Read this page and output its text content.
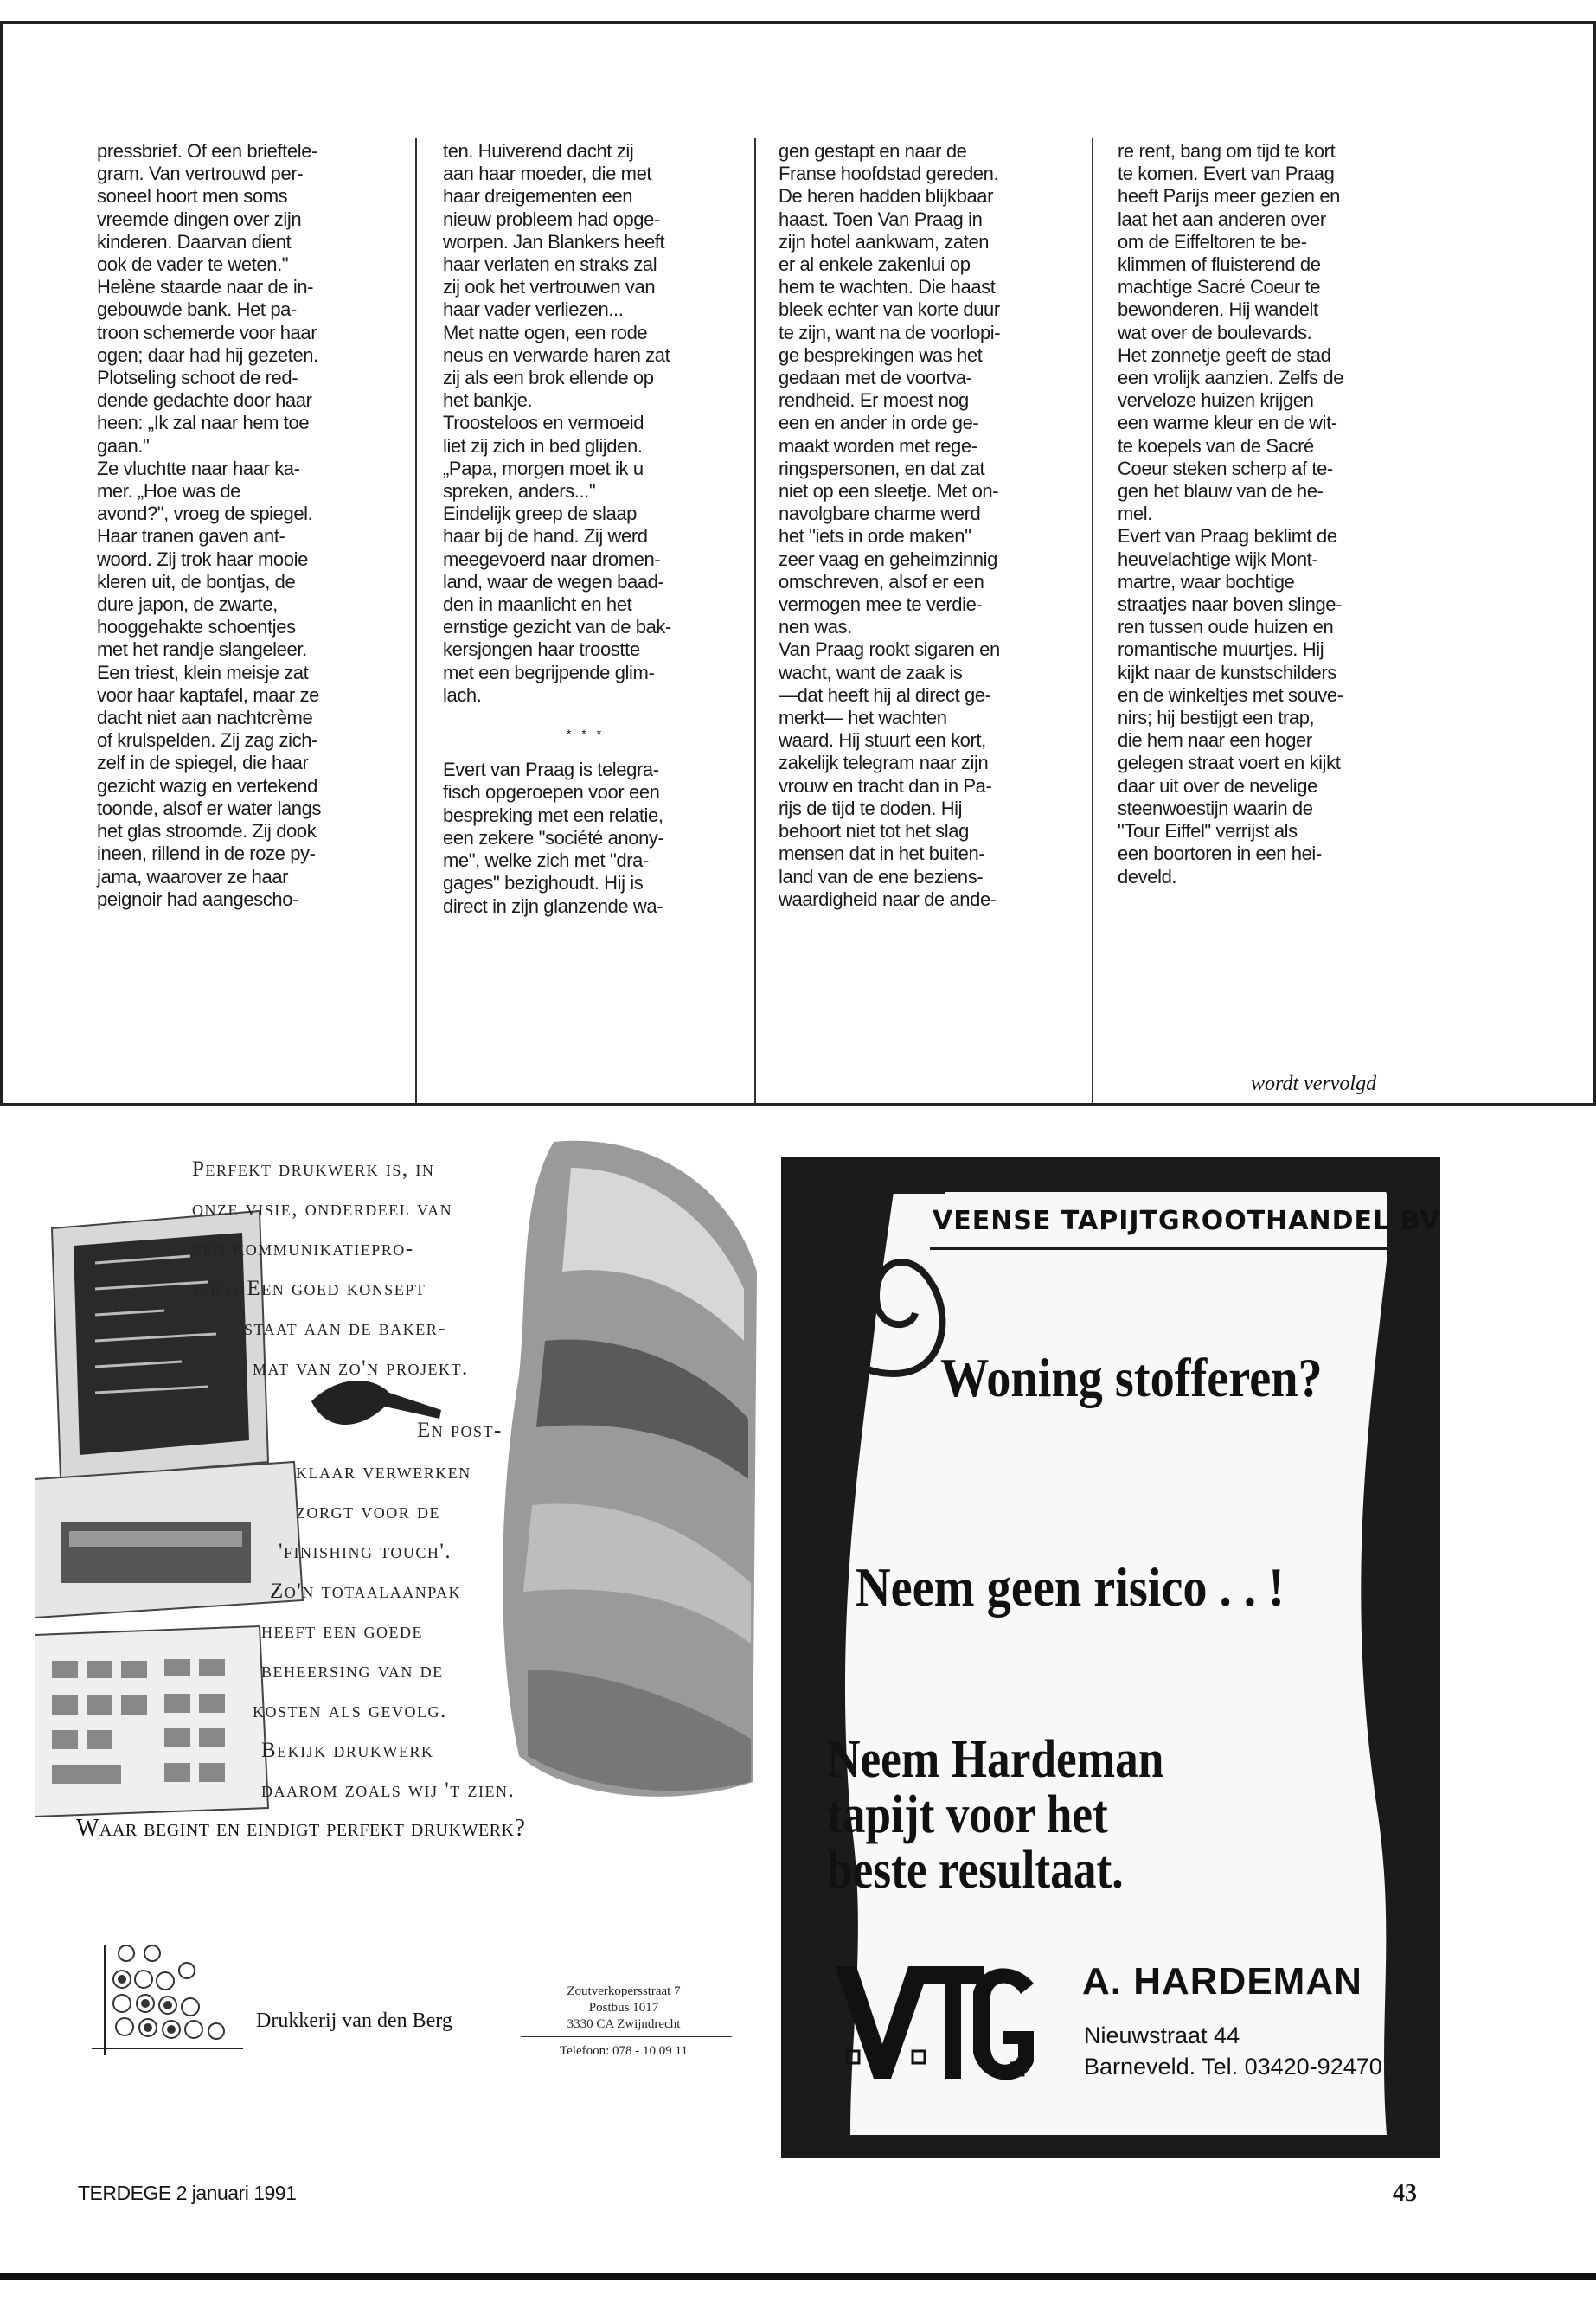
pressbrief. Of een brieftele-

gram. Van vertrouwd per-

soneel hoort men soms

vreemde dingen over zijn

kinderen. Daarvan dient

ook de vader te weten."

Helène staarde naar de in-

gebouwde bank. Het pa-

troon schemerde voor haar

ogen; daar had hij gezeten.

Plotseling schoot de red-

dende gedachte door haar

heen: „Ik zal naar hem toe

gaan."

Ze vluchtte naar haar ka-

mer. „Hoe was de

avond?", vroeg de spiegel.

Haar tranen gaven ant-

woord. Zij trok haar mooie

kleren uit, de bontjas, de

dure japon, de zwarte,

hooggehakte schoentjes

met het randje slangeleer.

Een triest, klein meisje zat

voor haar kaptafel, maar ze

dacht niet aan nachtcrème

of krulspelden. Zij zag zich-

zelf in de spiegel, die haar

gezicht wazig en vertekend

toonde, alsof er water langs

het glas stroomde. Zij dook

ineen, rillend in de roze py-

jama, waarover ze haar

peignoir had aangescho-

ten. Huiverend dacht zij

aan haar moeder, die met

haar dreigementen een

nieuw probleem had opge-

worpen. Jan Blankers heeft

haar verlaten en straks zal

zij ook het vertrouwen van

haar vader verliezen...

Met natte ogen, een rode

neus en verwarde haren zat

zij als een brok ellende op

het bankje.

Troosteloos en vermoeid

liet zij zich in bed glijden.

„Papa, morgen moet ik u

spreken, anders..."

Eindelijk greep de slaap

haar bij de hand. Zij werd

meegevoerd naar dromen-

land, waar de wegen baad-

den in maanlicht en het

ernstige gezicht van de bak-

kersjongen haar troostte

met een begrijpende glim-

lach.

* * *

Evert van Praag is telegra-

fisch opgeroepen voor een

bespreking met een relatie,

een zekere "société anony-

me", welke zich met "dra-

gages" bezighoudt. Hij is

direct in zijn glanzende wa-

gen gestapt en naar de

Franse hoofdstad gereden.

De heren hadden blijkbaar

haast. Toen Van Praag in

zijn hotel aankwam, zaten

er al enkele zakenlui op

hem te wachten. Die haast

bleek echter van korte duur

te zijn, want na de voorlopi-

ge besprekingen was het

gedaan met de voortva-

rendheid. Er moest nog

een en ander in orde ge-

maakt worden met rege-

ringspersonen, en dat zat

niet op een sleetje. Met on-

navolgbare charme werd

het "iets in orde maken"

zeer vaag en geheimzinnig

omschreven, alsof er een

vermogen mee te verdie-

nen was.

Van Praag rookt sigaren en

wacht, want de zaak is

—dat heeft hij al direct ge-

merkt— het wachten

waard. Hij stuurt een kort,

zakelijk telegram naar zijn

vrouw en tracht dan in Pa-

rijs de tijd te doden. Hij

behoort niet tot het slag

mensen dat in het buiten-

land van de ene beziens-

waardigheid naar de ande-

re rent, bang om tijd te kort

te komen. Evert van Praag

heeft Parijs meer gezien en

laat het aan anderen over

om de Eiffeltoren te be-

klimmen of fluisterend de

machtige Sacré Coeur te

bewonderen. Hij wandelt

wat over de boulevards.

Het zonnetje geeft de stad

een vrolijk aanzien. Zelfs de

verveloze huizen krijgen

een warme kleur en de wit-

te koepels van de Sacré

Coeur steken scherp af te-

gen het blauw van de he-

mel.

Evert van Praag beklimt de

heuvelachtige wijk Mont-

martre, waar bochtige

straatjes naar boven slinge-

ren tussen oude huizen en

romantische muurtjes. Hij

kijkt naar de kunstschilders

en de winkeltjes met souve-

nirs; hij bestijgt een trap,

die hem naar een hoger

gelegen straat voert en kijkt

daar uit over de nevelige

steenwoestijn waarin de

"Tour Eiffel" verrijst als

een boortoren in een hei-

develd.

wordt vervolgd
Perfekt drukwerk is, in
onze visie, onderdeel van
een kommunikatiepro-
jekt. Een goed konsept
staat aan de baker-
mat van zo'n projekt.
En post-
klaar verwerken
zorgt voor de
'finishing touch'.
Zo'n totaalaanpak
heeft een goede
beheersing van de
kosten als gevolg.
Bekijk drukwerk
daarom zoals wij 't zien.
Waar begint en eindigt perfekt drukwerk?
Drukkerij van den Berg
Zoutverkopersstraat 7
Postbus 1017
3330 CA Zwijndrecht
Telefoon: 078 - 10 09 11
VEENSE TAPIJTGROOTHANDEL BV
Woning stofferen?
Neem geen risico . . !
Neem Hardeman
tapijt voor het
beste resultaat.
A. HARDEMAN
Nieuwstraat 44
Barneveld. Tel. 03420-92470
TERDEGE 2 januari 1991	43
